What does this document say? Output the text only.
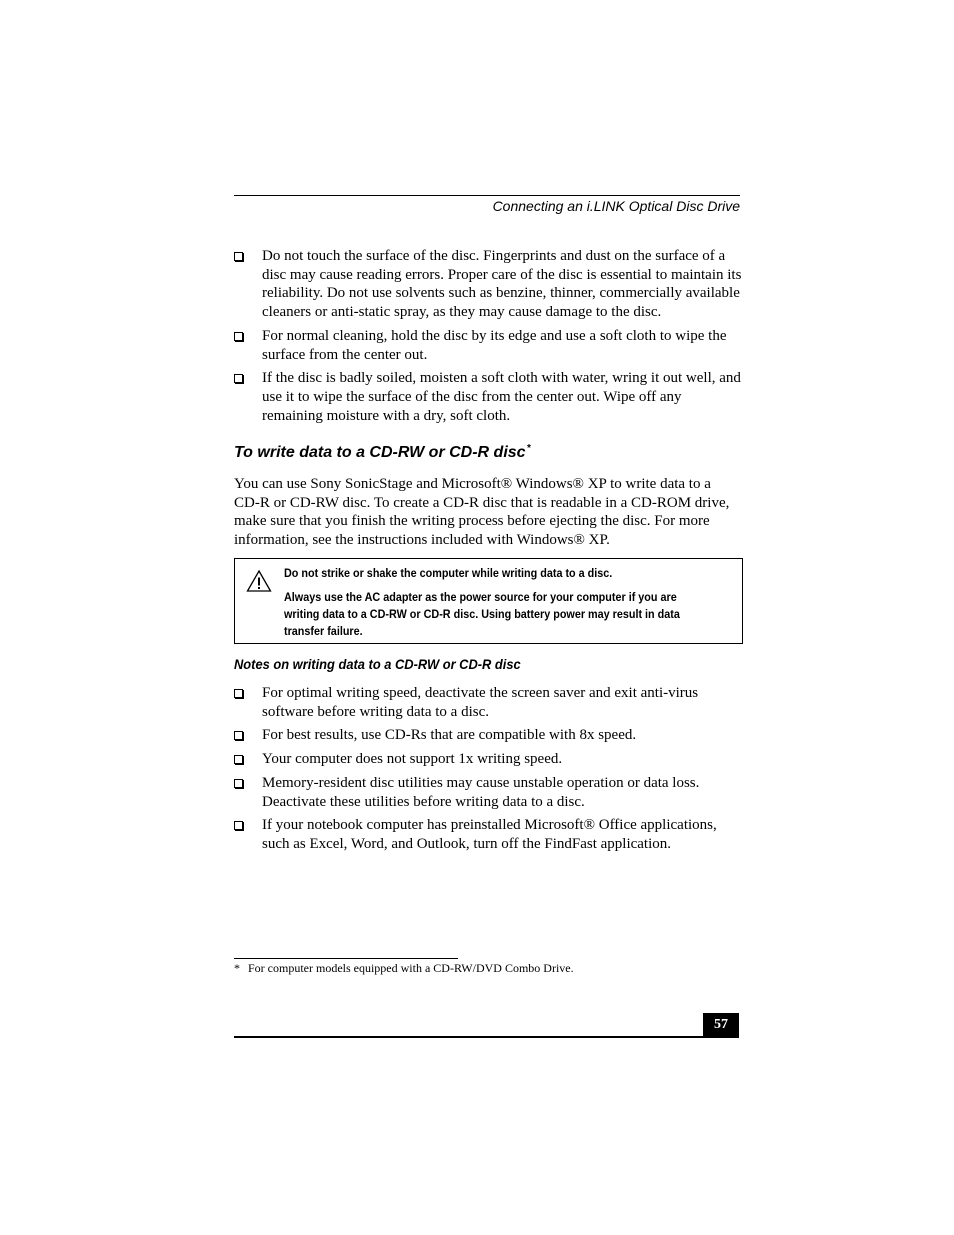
Connecting an i.LINK Optical Disc Drive
Do not touch the surface of the disc. Fingerprints and dust on the surface of a disc may cause reading errors. Proper care of the disc is essential to maintain its reliability. Do not use solvents such as benzine, thinner, commercially available cleaners or anti-static spray, as they may cause damage to the disc.
For normal cleaning, hold the disc by its edge and use a soft cloth to wipe the surface from the center out.
If the disc is badly soiled, moisten a soft cloth with water, wring it out well, and use it to wipe the surface of the disc from the center out. Wipe off any remaining moisture with a dry, soft cloth.
To write data to a CD-RW or CD-R disc*

You can use Sony SonicStage and Microsoft® Windows® XP to write data to a CD-R or CD-RW disc. To create a CD-R disc that is readable in a CD-ROM drive, make sure that you finish the writing process before ejecting the disc. For more information, see the instructions included with Windows® XP.

Do not strike or shake the computer while writing data to a disc.

Always use the AC adapter as the power source for your computer if you are writing data to a CD-RW or CD-R disc. Using battery power may result in data transfer failure.

Notes on writing data to a CD-RW or CD-R disc
For optimal writing speed, deactivate the screen saver and exit anti-virus software before writing data to a disc.
For best results, use CD-Rs that are compatible with 8x speed.
Your computer does not support 1x writing speed.
Memory-resident disc utilities may cause unstable operation or data loss. Deactivate these utilities before writing data to a disc.
If your notebook computer has preinstalled Microsoft® Office applications, such as Excel, Word, and Outlook, turn off the FindFast application.
* For computer models equipped with a CD-RW/DVD Combo Drive.
57
